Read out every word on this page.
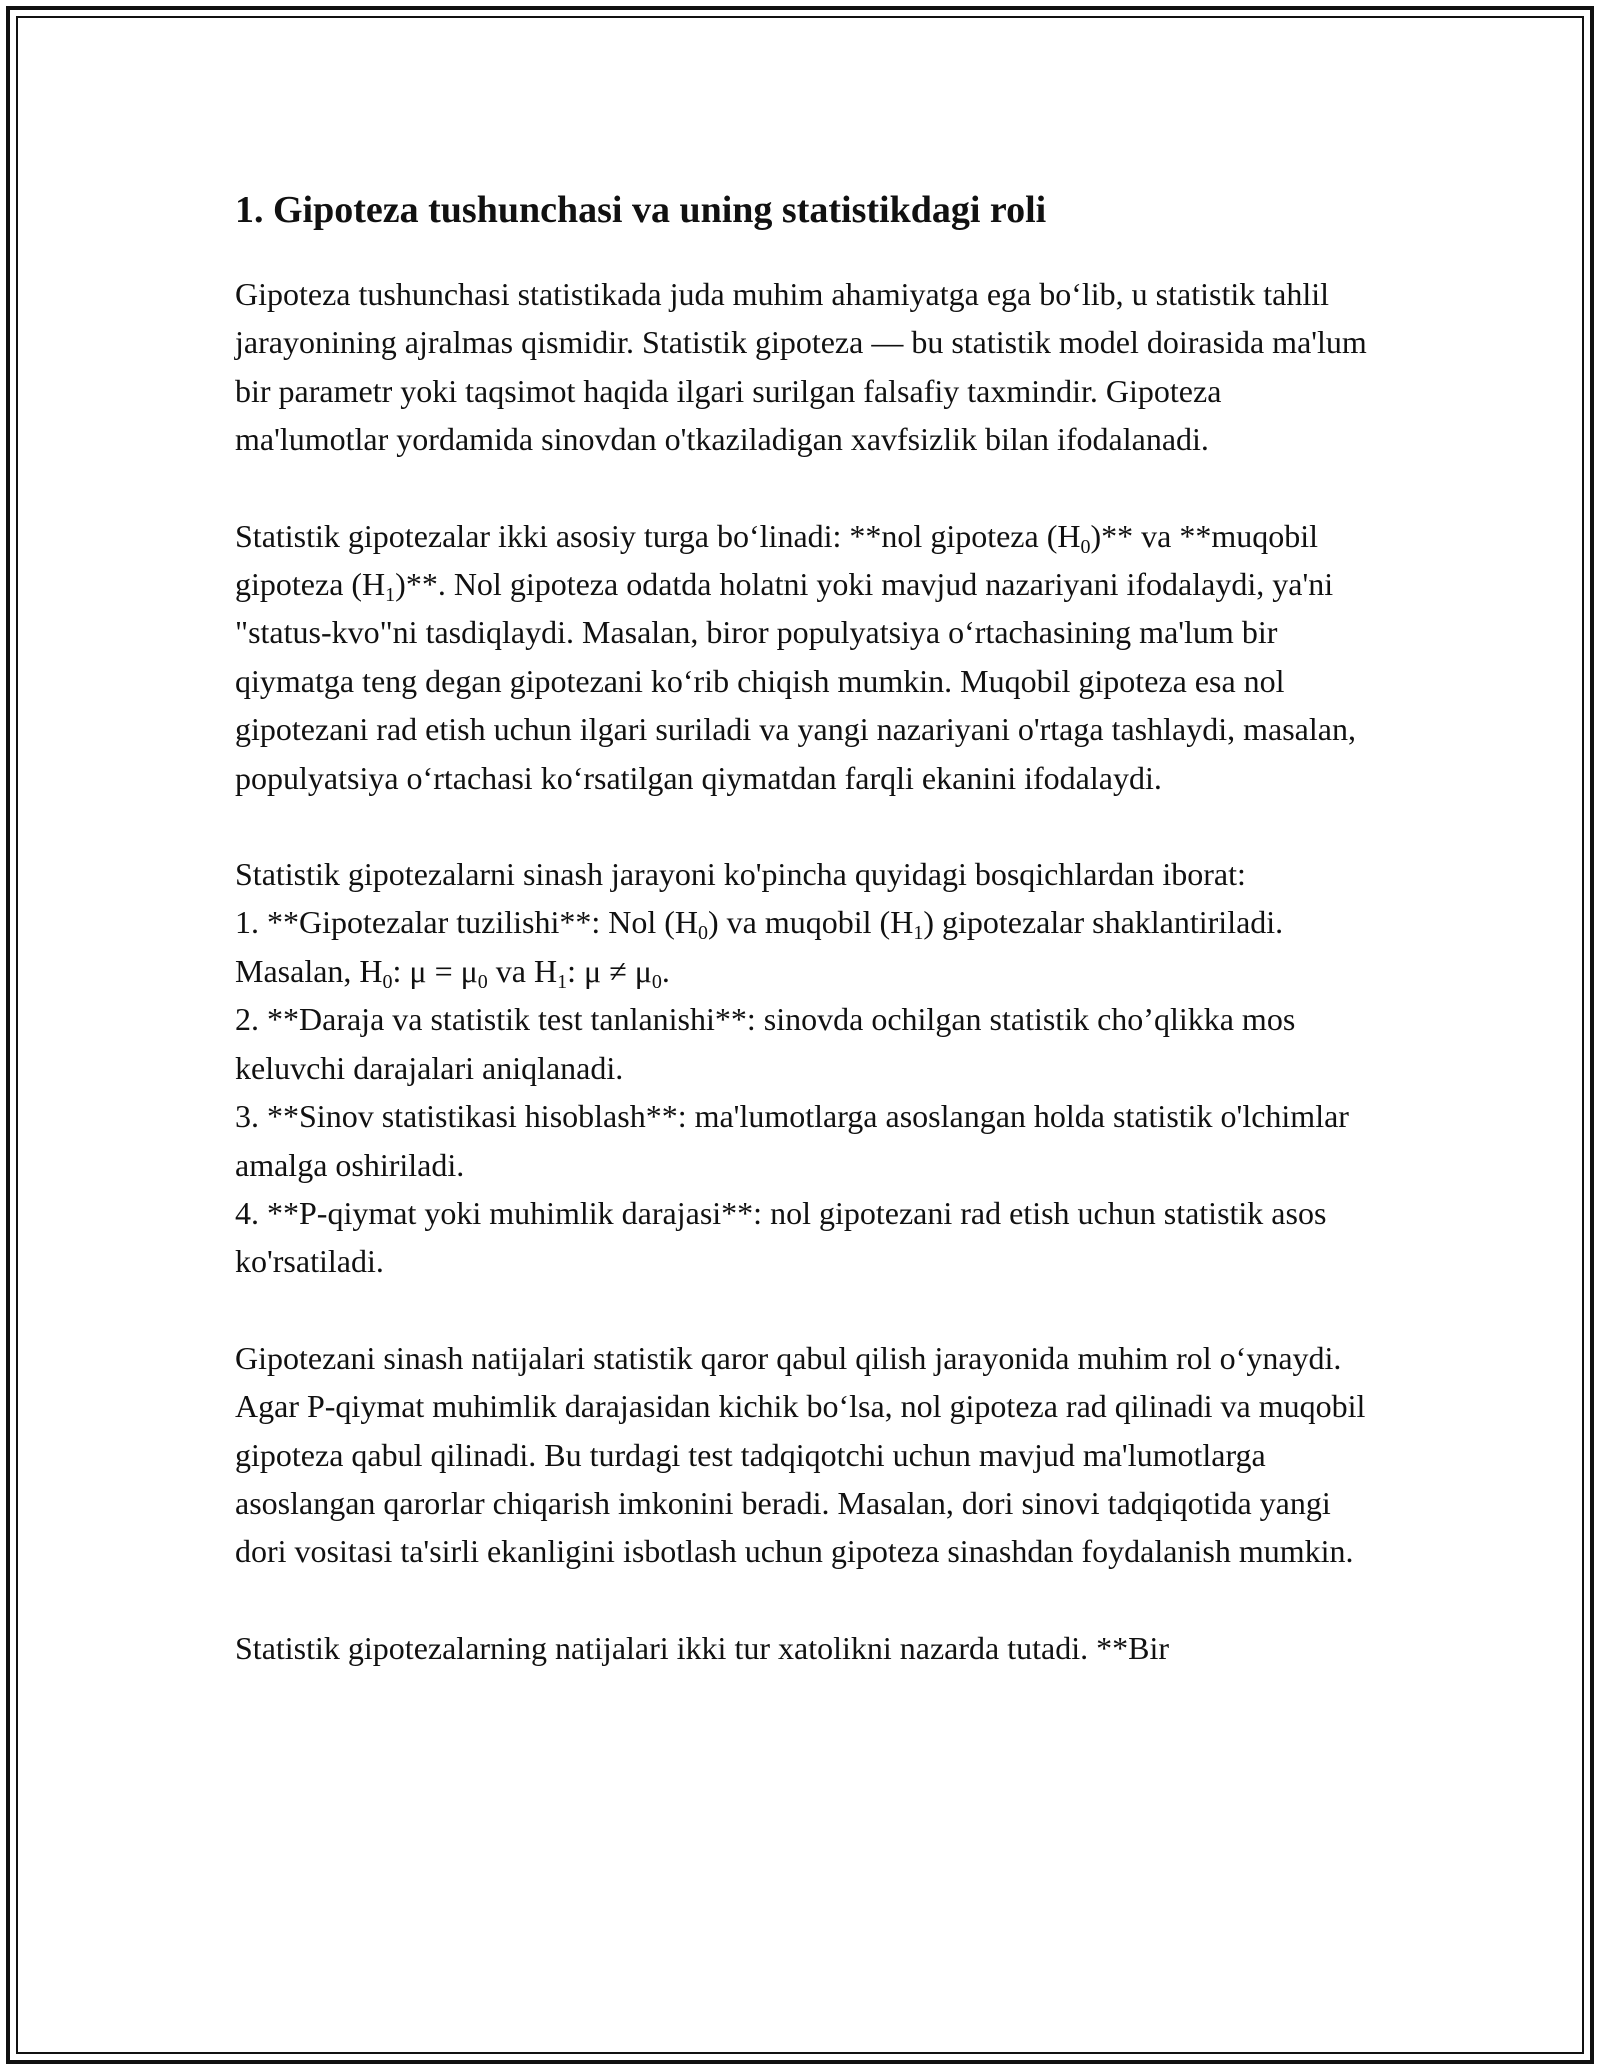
1. Gipoteza tushunchasi va uning statistikdagi roli

Gipoteza tushunchasi statistikada juda muhim ahamiyatga ega bo‘lib, u statistik tahlil jarayonining ajralmas qismidir. Statistik gipoteza — bu statistik model doirasida ma'lum bir parametr yoki taqsimot haqida ilgari surilgan falsafiy taxmindir. Gipoteza ma'lumotlar yordamida sinovdan o'tkaziladigan xavfsizlik bilan ifodalanadi.

Statistik gipotezalar ikki asosiy turga bo‘linadi: **nol gipoteza $(H_0)**$ va **muqobil gipoteza $(H_1)**$. Nol gipoteza odatda holatni yoki mavjud nazariyani ifodalaydi, ya'ni "status-kvo"ni tasdiqlaydi. Masalan, biror populyatsiya o‘rtachasining ma'lum bir qiymatga teng degan gipotezani ko‘rib chiqish mumkin. Muqobil gipoteza esa nol gipotezani rad etish uchun ilgari suriladi va yangi nazariyani o'rtaga tashlaydi, masalan, populyatsiya o‘rtachasi ko‘rsatilgan qiymatdan farqli ekanini ifodalaydi.

Statistik gipotezalarni sinash jarayoni ko'pincha quyidagi bosqichlardan iborat:
1. **Gipotezalar tuzilishi**: Nol $(H_0)$ va muqobil $(H_1)$ gipotezalar shaklantiriladi. Masalan, $H_0$: $\mu = \mu_0$ va $H_1$: $\mu \ne \mu_0$.
2. **Daraja va statistik test tanlanishi**: sinovda ochilgan statistik cho’qlikka mos keluvchi darajalari aniqlanadi.
3. **Sinov statistikasi hisoblash**: ma'lumotlarga asoslangan holda statistik o'lchimlar amalga oshiriladi.
4. **P-qiymat yoki muhimlik darajasi**: nol gipotezani rad etish uchun statistik asos ko'rsatiladi.

Gipotezani sinash natijalari statistik qaror qabul qilish jarayonida muhim rol o‘ynaydi. Agar P-qiymat muhimlik darajasidan kichik bo‘lsa, nol gipoteza rad qilinadi va muqobil gipoteza qabul qilinadi. Bu turdagi test tadqiqotchi uchun mavjud ma'lumotlarga asoslangan qarorlar chiqarish imkonini beradi. Masalan, dori sinovi tadqiqotida yangi dori vositasi ta'sirli ekanligini isbotlash uchun gipoteza sinashdan foydalanish mumkin.

Statistik gipotezalarning natijalari ikki tur xatolikni nazarda tutadi. **Bir
